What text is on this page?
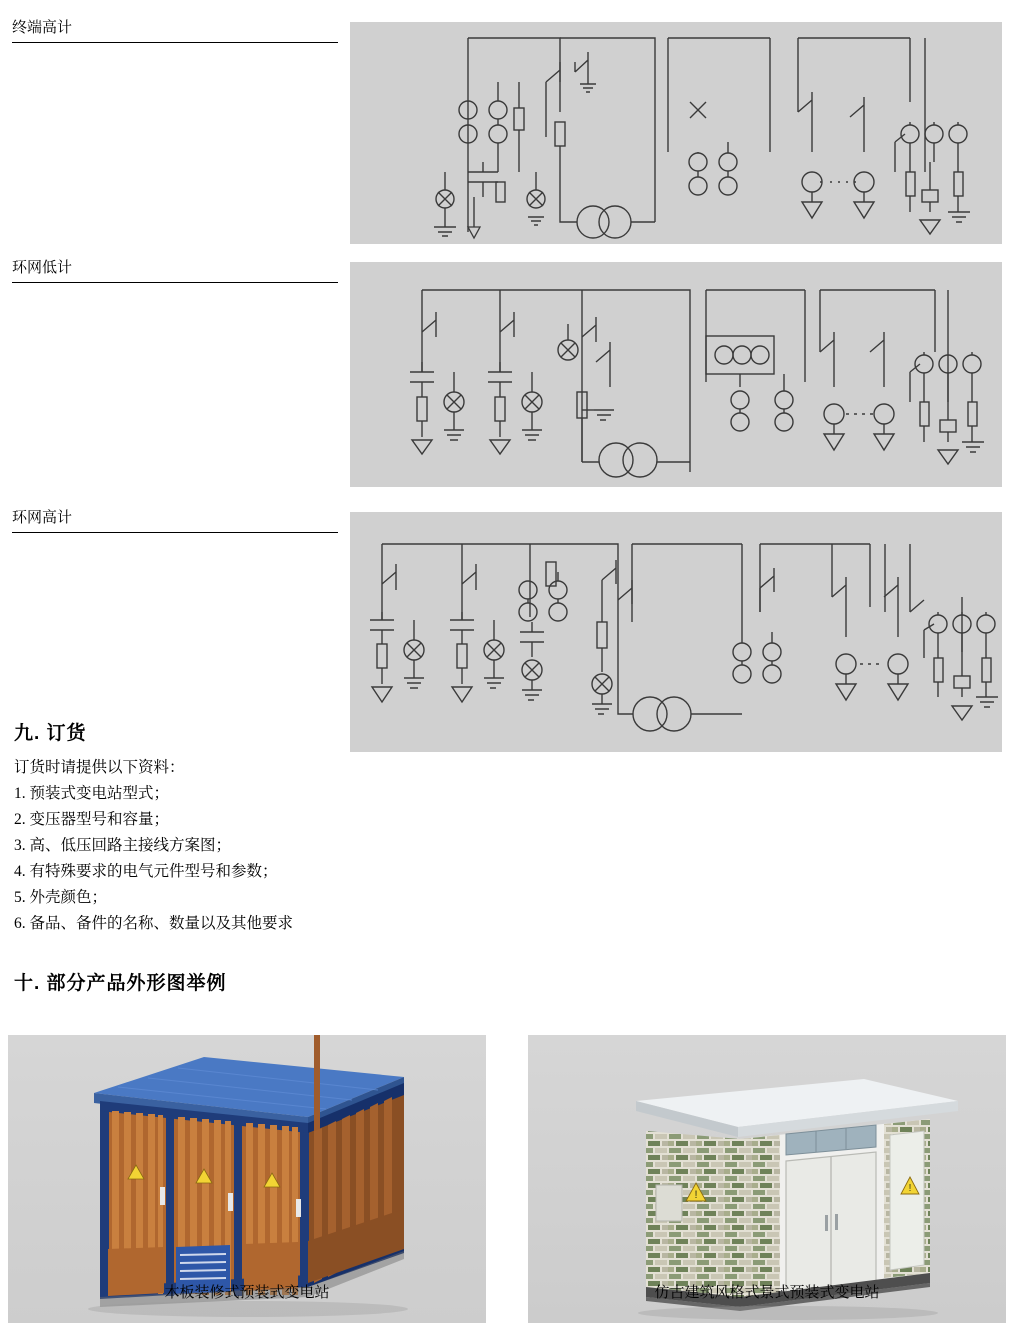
终端高计
环网低计
环网高计
九. 订货
订货时请提供以下资料：
1. 预装式变电站型式；
2. 变压器型号和容量；
3. 高、低压回路主接线方案图；
4. 有特殊要求的电气元件型号和参数；
5. 外壳颜色；
6. 备品、备件的名称、数量以及其他要求
十. 部分产品外形图举例
木板装修式预装式变电站
!
!
仿古建筑风格式景式预装式变电站
